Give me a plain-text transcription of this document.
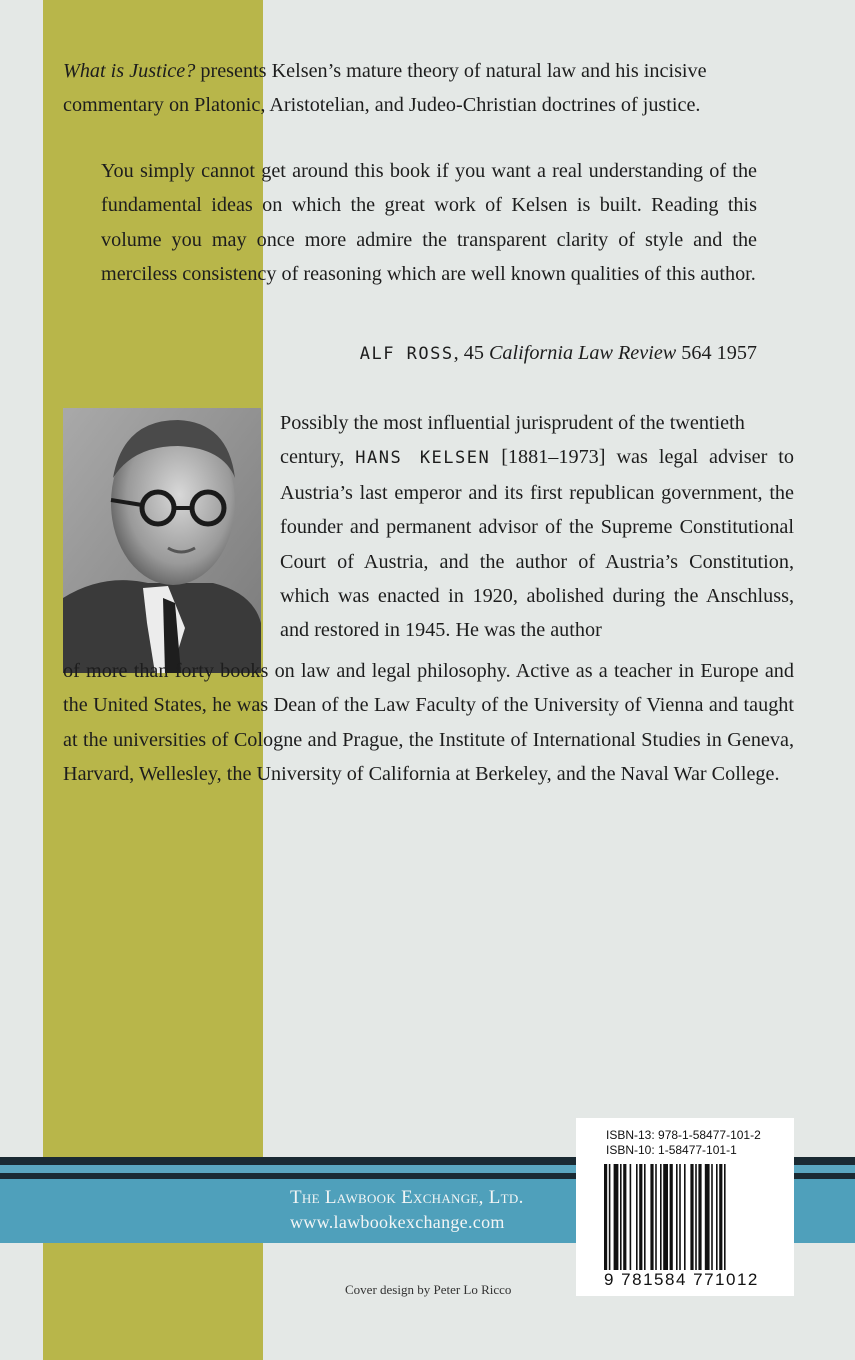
What is Justice? presents Kelsen’s mature theory of natural law and his incisive commentary on Platonic, Aristotelian, and Judeo-Christian doctrines of justice.
You simply cannot get around this book if you want a real understanding of the fundamental ideas on which the great work of Kelsen is built. Reading this volume you may once more admire the transparent clarity of style and the merciless consistency of reasoning which are well known qualities of this author.
ALF ROSS, 45 California Law Review 564 1957
Possibly the most influential jurisprudent of the twentieth
century, HANS KELSEN [1881–1973] was legal adviser to Austria’s last emperor and its first republican government, the founder and permanent advisor of the Supreme Constitutional Court of Austria, and the author of Austria’s Constitution, which was enacted in 1920, abolished during the Anschluss, and restored in 1945. He was the author
of more than forty books on law and legal philosophy. Active as a teacher in Europe and the United States, he was Dean of the Law Faculty of the University of Vienna and taught at the universities of Cologne and Prague, the Institute of International Studies in Geneva, Harvard, Wellesley, the University of California at Berkeley, and the Naval War College.
The Lawbook Exchange, Ltd.
www.lawbookexchange.com
ISBN-13: 978-1-58477-101-2
ISBN-10: 1-58477-101-1
9 781584 771012
Cover design by Peter Lo Ricco
